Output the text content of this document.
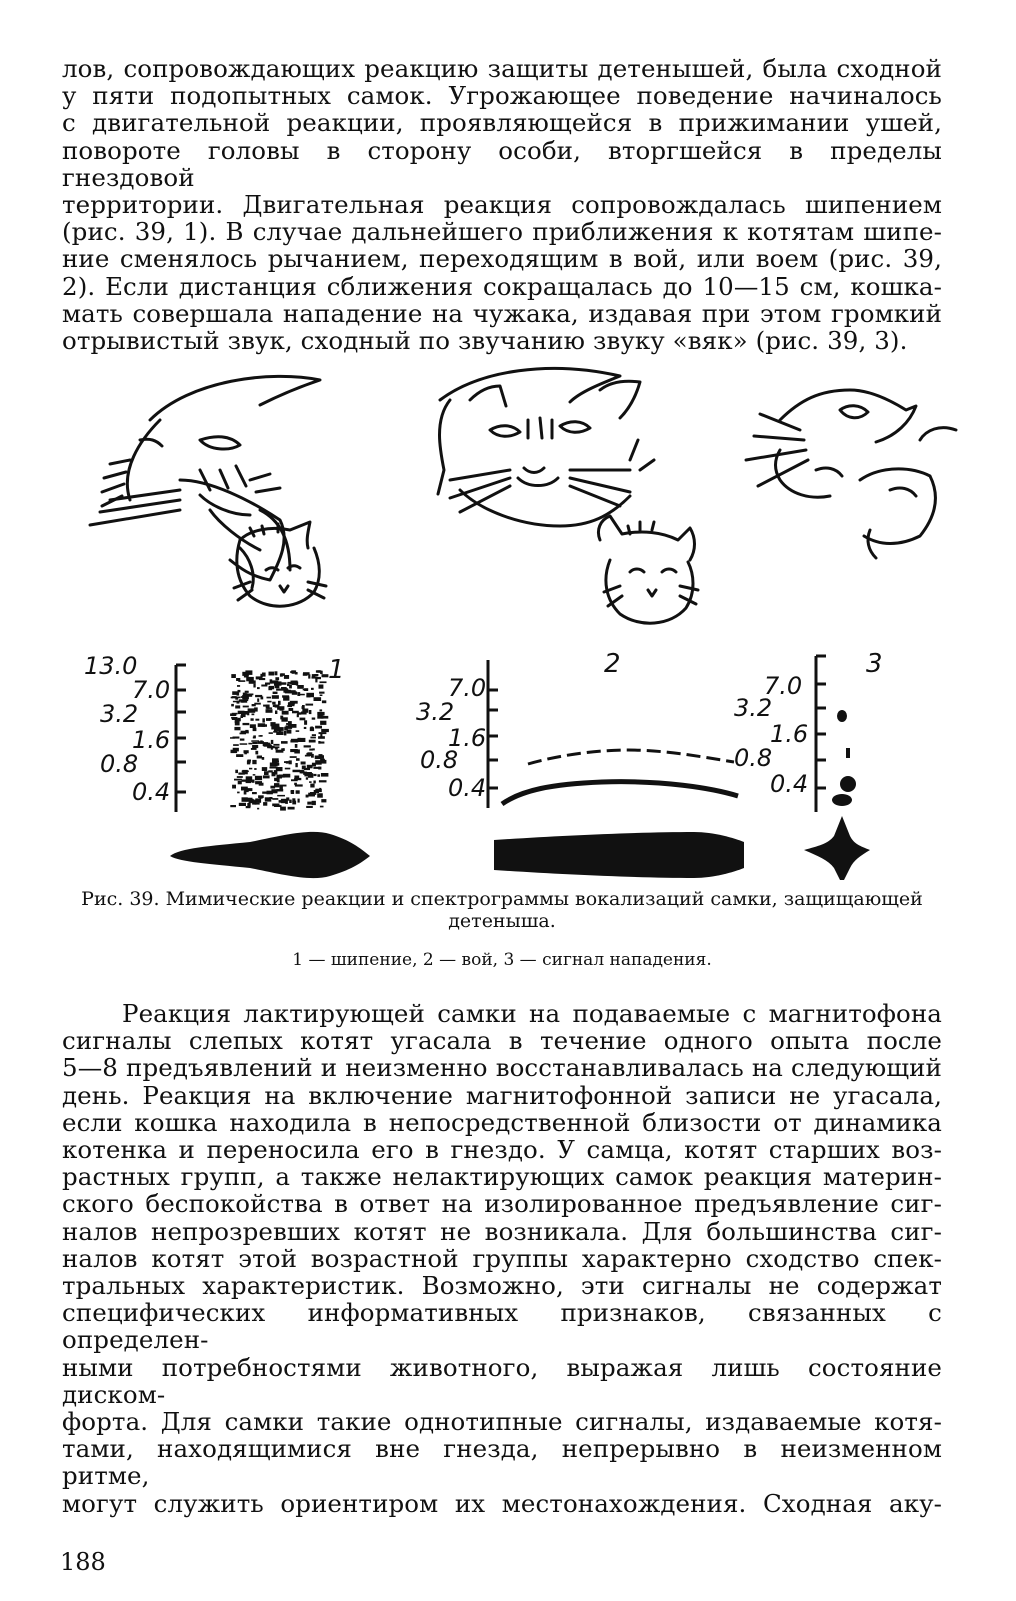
лов, сопровождающих реакцию защиты детенышей, была сходной
у пяти подопытных самок. Угрожающее поведение начиналось
с двигательной реакции, проявляющейся в прижимании ушей,
повороте головы в сторону особи, вторгшейся в пределы гнездовой
территории. Двигательная реакция сопровождалась шипением
(рис. 39, 1). В случае дальнейшего приближения к котятам шипе-
ние сменялось рычанием, переходящим в вой, или воем (рис. 39,
2). Если дистанция сближения сокращалась до 10—15 см, кошка-
мать совершала нападение на чужака, издавая при этом громкий
отрывистый звук, сходный по звучанию звуку «вяк» (рис. 39, 3).
13.0
7.0
3.2
1.6
0.8
0.4
1
7.0
3.2
1.6
0.8
0.4
2
7.0
3.2
1.6
0.8
0.4
3
Рис. 39. Мимические реакции и спектрограммы вокализаций самки, защищающей детеныша.
1 — шипение, 2 — вой, 3 — сигнал нападения.
Реакция лактирующей самки на подаваемые с магнитофона
сигналы слепых котят угасала в течение одного опыта после
5—8 предъявлений и неизменно восстанавливалась на следующий
день. Реакция на включение магнитофонной записи не угасала,
если кошка находила в непосредственной близости от динамика
котенка и переносила его в гнездо. У самца, котят старших воз-
растных групп, а также нелактирующих самок реакция материн-
ского беспокойства в ответ на изолированное предъявление сиг-
налов непрозревших котят не возникала. Для большинства сиг-
налов котят этой возрастной группы характерно сходство спек-
тральных характеристик. Возможно, эти сигналы не содержат
специфических информативных признаков, связанных с определен-
ными потребностями животного, выражая лишь состояние диском-
форта. Для самки такие однотипные сигналы, издаваемые котя-
тами, находящимися вне гнезда, непрерывно в неизменном ритме,
могут служить ориентиром их местонахождения. Сходная аку-
188
